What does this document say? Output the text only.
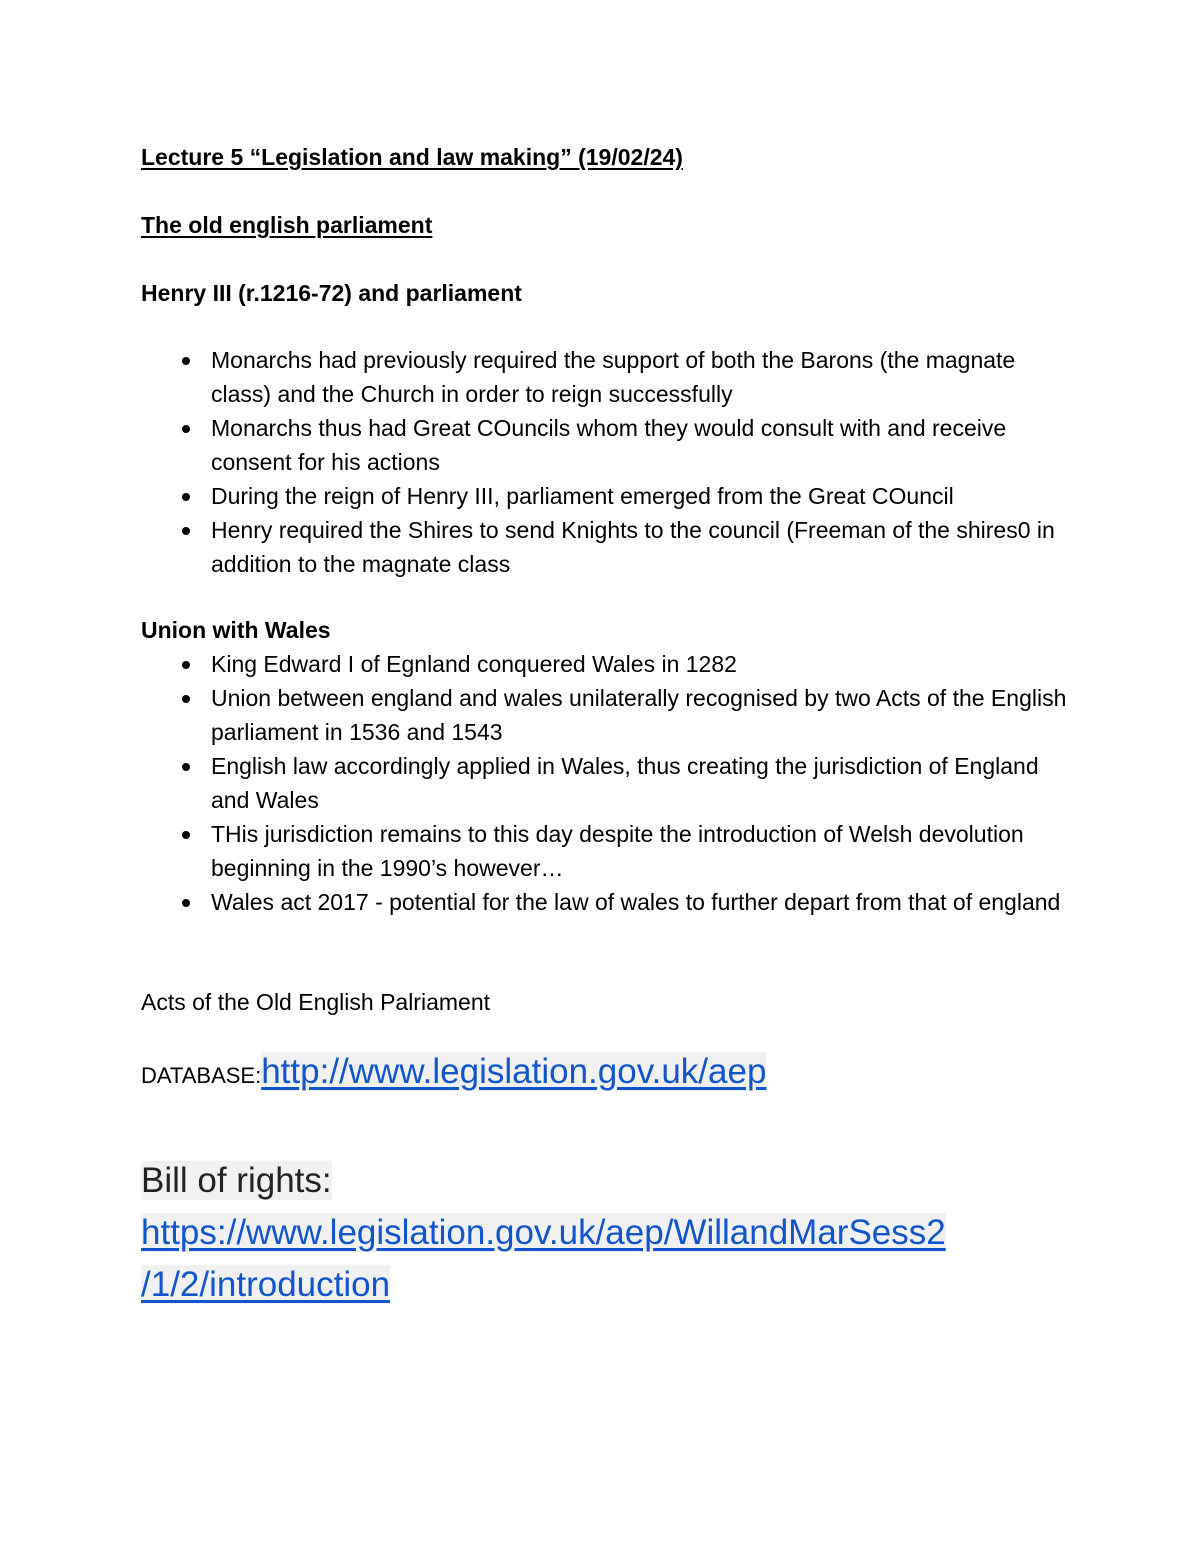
Lecture 5 “Legislation and law making” (19/02/24)
The old english parliament
Henry III (r.1216-72) and parliament
Monarchs had previously required the support of both the Barons (the magnate class) and the Church in order to reign successfully
Monarchs thus had Great COuncils whom they would consult with and receive consent for his actions
During the reign of Henry III, parliament emerged from the Great COuncil
Henry required the Shires to send Knights to the council (Freeman of the shires0 in addition to the magnate class
Union with Wales
King Edward I of Egnland conquered Wales in 1282
Union between england and wales unilaterally recognised by two Acts of the English parliament in 1536 and 1543
English law accordingly applied in Wales, thus creating the jurisdiction of England and Wales
THis jurisdiction remains to this day despite the introduction of Welsh devolution beginning in the 1990’s however…
Wales act 2017 - potential for the law of wales to further depart from that of england
Acts of the Old English Palriament
DATABASE:http://www.legislation.gov.uk/aep
Bill of rights:
https://www.legislation.gov.uk/aep/WillandMarSess2
/1/2/introduction
